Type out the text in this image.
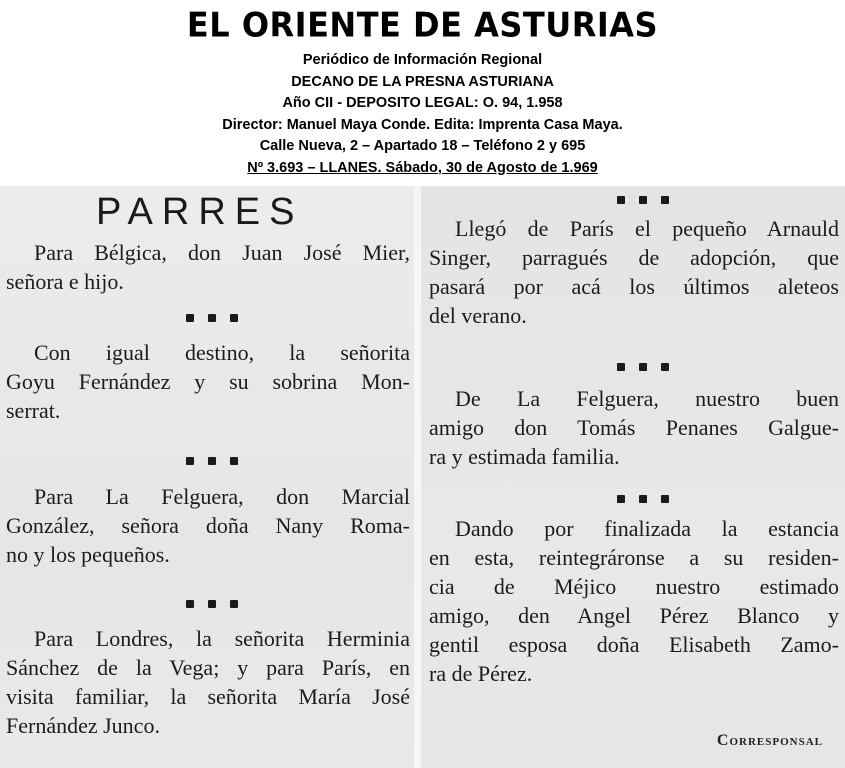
EL ORIENTE DE ASTURIAS
Periódico de Información Regional
DECANO DE LA PRESNA ASTURIANA
Año CII - DEPOSITO LEGAL: O. 94, 1.958
Director: Manuel Maya Conde. Edita: Imprenta Casa Maya.
Calle Nueva, 2 – Apartado 18 – Teléfono 2 y 695
Nº 3.693 – LLANES. Sábado, 30 de Agosto de 1.969
PARRES
Para Bélgica, don Juan José Mier,
señora e hijo.
Con igual destino, la señorita
Goyu Fernández y su sobrina Mon-
serrat.
Para La Felguera, don Marcial
González, señora doña Nany Roma-
no y los pequeños.
Para Londres, la señorita Herminia
Sánchez de la Vega; y para París, en
visita familiar, la señorita María José
Fernández Junco.
Llegó de París el pequeño Arnauld
Singer, parragués de adopción, que
pasará por acá los últimos aleteos
del verano.
De La Felguera, nuestro buen
amigo don Tomás Penanes Galgue-
ra y estimada familia.
Dando por finalizada la estancia
en esta, reintegráronse a su residen-
cia de Méjico nuestro estimado
amigo, den Angel Pérez Blanco y
gentil esposa doña Elisabeth Zamo-
ra de Pérez.
Corresponsal
